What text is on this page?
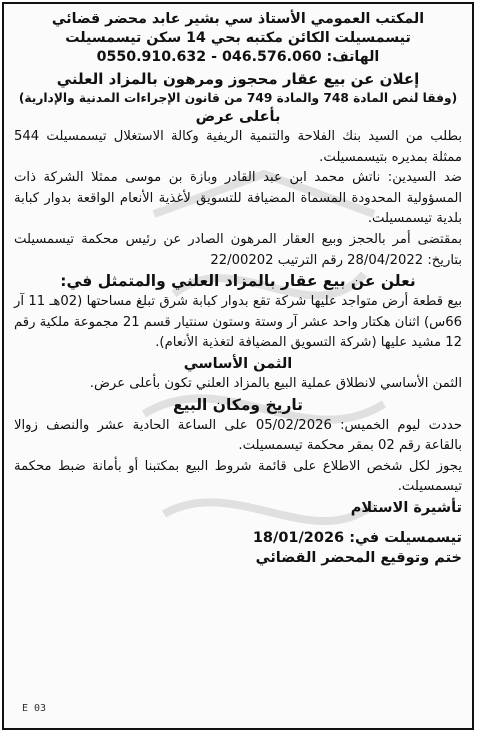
المكتب العمومي الأستاذ سي بشير عابد محضر قضائي
تيسمسيلت الكائن مكتبه بحي 14 سكن تيسمسيلت
الهاتف: 046.576.060 - 0550.910.632
إعلان عن بيع عقار محجوز ومرهون بالمزاد العلني
(وفقا لنص المادة 748 والمادة 749 من قانون الإجراءات المدنية والإدارية)
بأعلى عرض

بطلب من السيد بنك الفلاحة والتنمية الريفية وكالة الاستغلال تيسمسيلت 544 ممثلة بمديره بتيسمسيلت.

ضد السيدين: ناتش محمد ابن عبد القادر وبازة بن موسى ممثلا الشركة ذات المسؤولية المحدودة المسماة المضيافة للتسويق لأغذية الأنعام الواقعة بدوار كبابة بلدية تيسمسيلت.

بمقتضى أمر بالحجز وبيع العقار المرهون الصادر عن رئيس محكمة تيسمسيلت بتاريخ: 28/04/2022 رقم الترتيب 22/00202

نعلن عن بيع عقار بالمزاد العلني والمتمثل في:

بيع قطعة أرض متواجد عليها شركة تقع بدوار كبابة شرق تبلغ مساحتها (02هـ 11 آر 66س) اثنان هكتار واحد عشر آر وستة وستون سنتيار قسم 21 مجموعة ملكية رقم 12 مشيد عليها (شركة التسويق المضيافة لتغذية الأنعام).

الثمن الأساسي

الثمن الأساسي لانطلاق عملية البيع بالمزاد العلني تكون بأعلى عرض.

تاريخ ومكان البيع

حددت ليوم الخميس: 05/02/2026 على الساعة الحادية عشر والنصف زوالا بالقاعة رقم 02 بمقر محكمة تيسمسيلت.

يجوز لكل شخص الاطلاع على قائمة شروط البيع بمكتبنا أو بأمانة ضبط محكمة تيسمسيلت.

تأشيرة الاستلام
تيسمسيلت في: 18/01/2026
ختم وتوقيع المحضر القضائي
E 03
